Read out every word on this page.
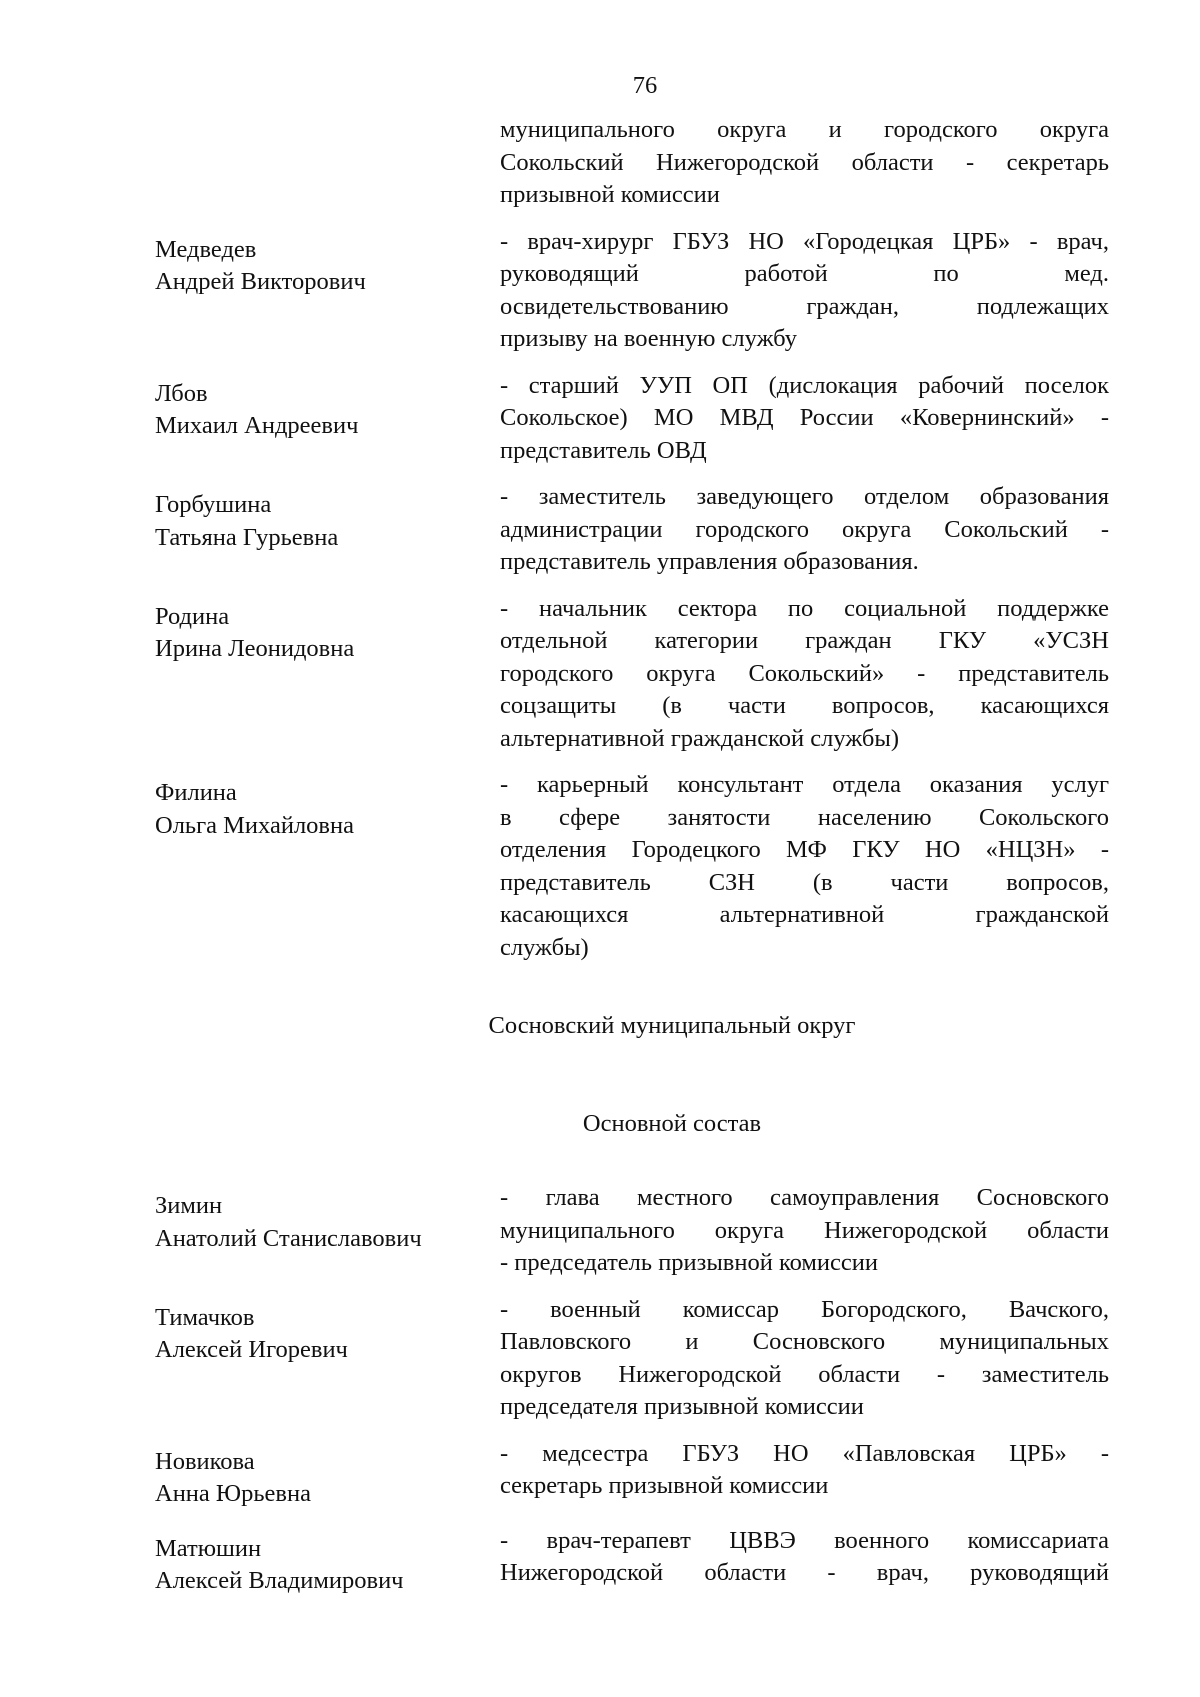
76
муниципального округа и городского округа
Сокольский Нижегородской области - секретарь
призывной комиссии
Медведев
Андрей Викторович
- врач-хирург ГБУЗ НО «Городецкая ЦРБ» - врач,
руководящий работой по мед.
освидетельствованию граждан, подлежащих
призыву на военную службу
Лбов
Михаил Андреевич
- старший УУП ОП (дислокация рабочий поселок
Сокольское) МО МВД России «Ковернинский» -
представитель ОВД
Горбушина
Татьяна Гурьевна
- заместитель заведующего отделом образования
администрации городского округа Сокольский -
представитель управления образования.
Родина
Ирина Леонидовна
- начальник сектора по социальной поддержке
отдельной категории граждан ГКУ «УСЗН
городского округа Сокольский» - представитель
соцзащиты (в части вопросов, касающихся
альтернативной гражданской службы)
Филина
Ольга Михайловна
- карьерный консультант отдела оказания услуг
в сфере занятости населению Сокольского
отделения Городецкого МФ ГКУ НО «НЦЗН» -
представитель СЗН (в части вопросов,
касающихся альтернативной гражданской
службы)
Сосновский муниципальный округ
Основной состав
Зимин
Анатолий Станиславович
- глава местного самоуправления Сосновского
муниципального округа Нижегородской области
- председатель призывной комиссии
Тимачков
Алексей Игоревич
- военный комиссар Богородского, Вачского,
Павловского и Сосновского муниципальных
округов Нижегородской области - заместитель
председателя призывной комиссии
Новикова
Анна Юрьевна
- медсестра ГБУЗ НО «Павловская ЦРБ» -
секретарь призывной комиссии
Матюшин
Алексей Владимирович
- врач-терапевт ЦВВЭ военного комиссариата
Нижегородской области - врач, руководящий
